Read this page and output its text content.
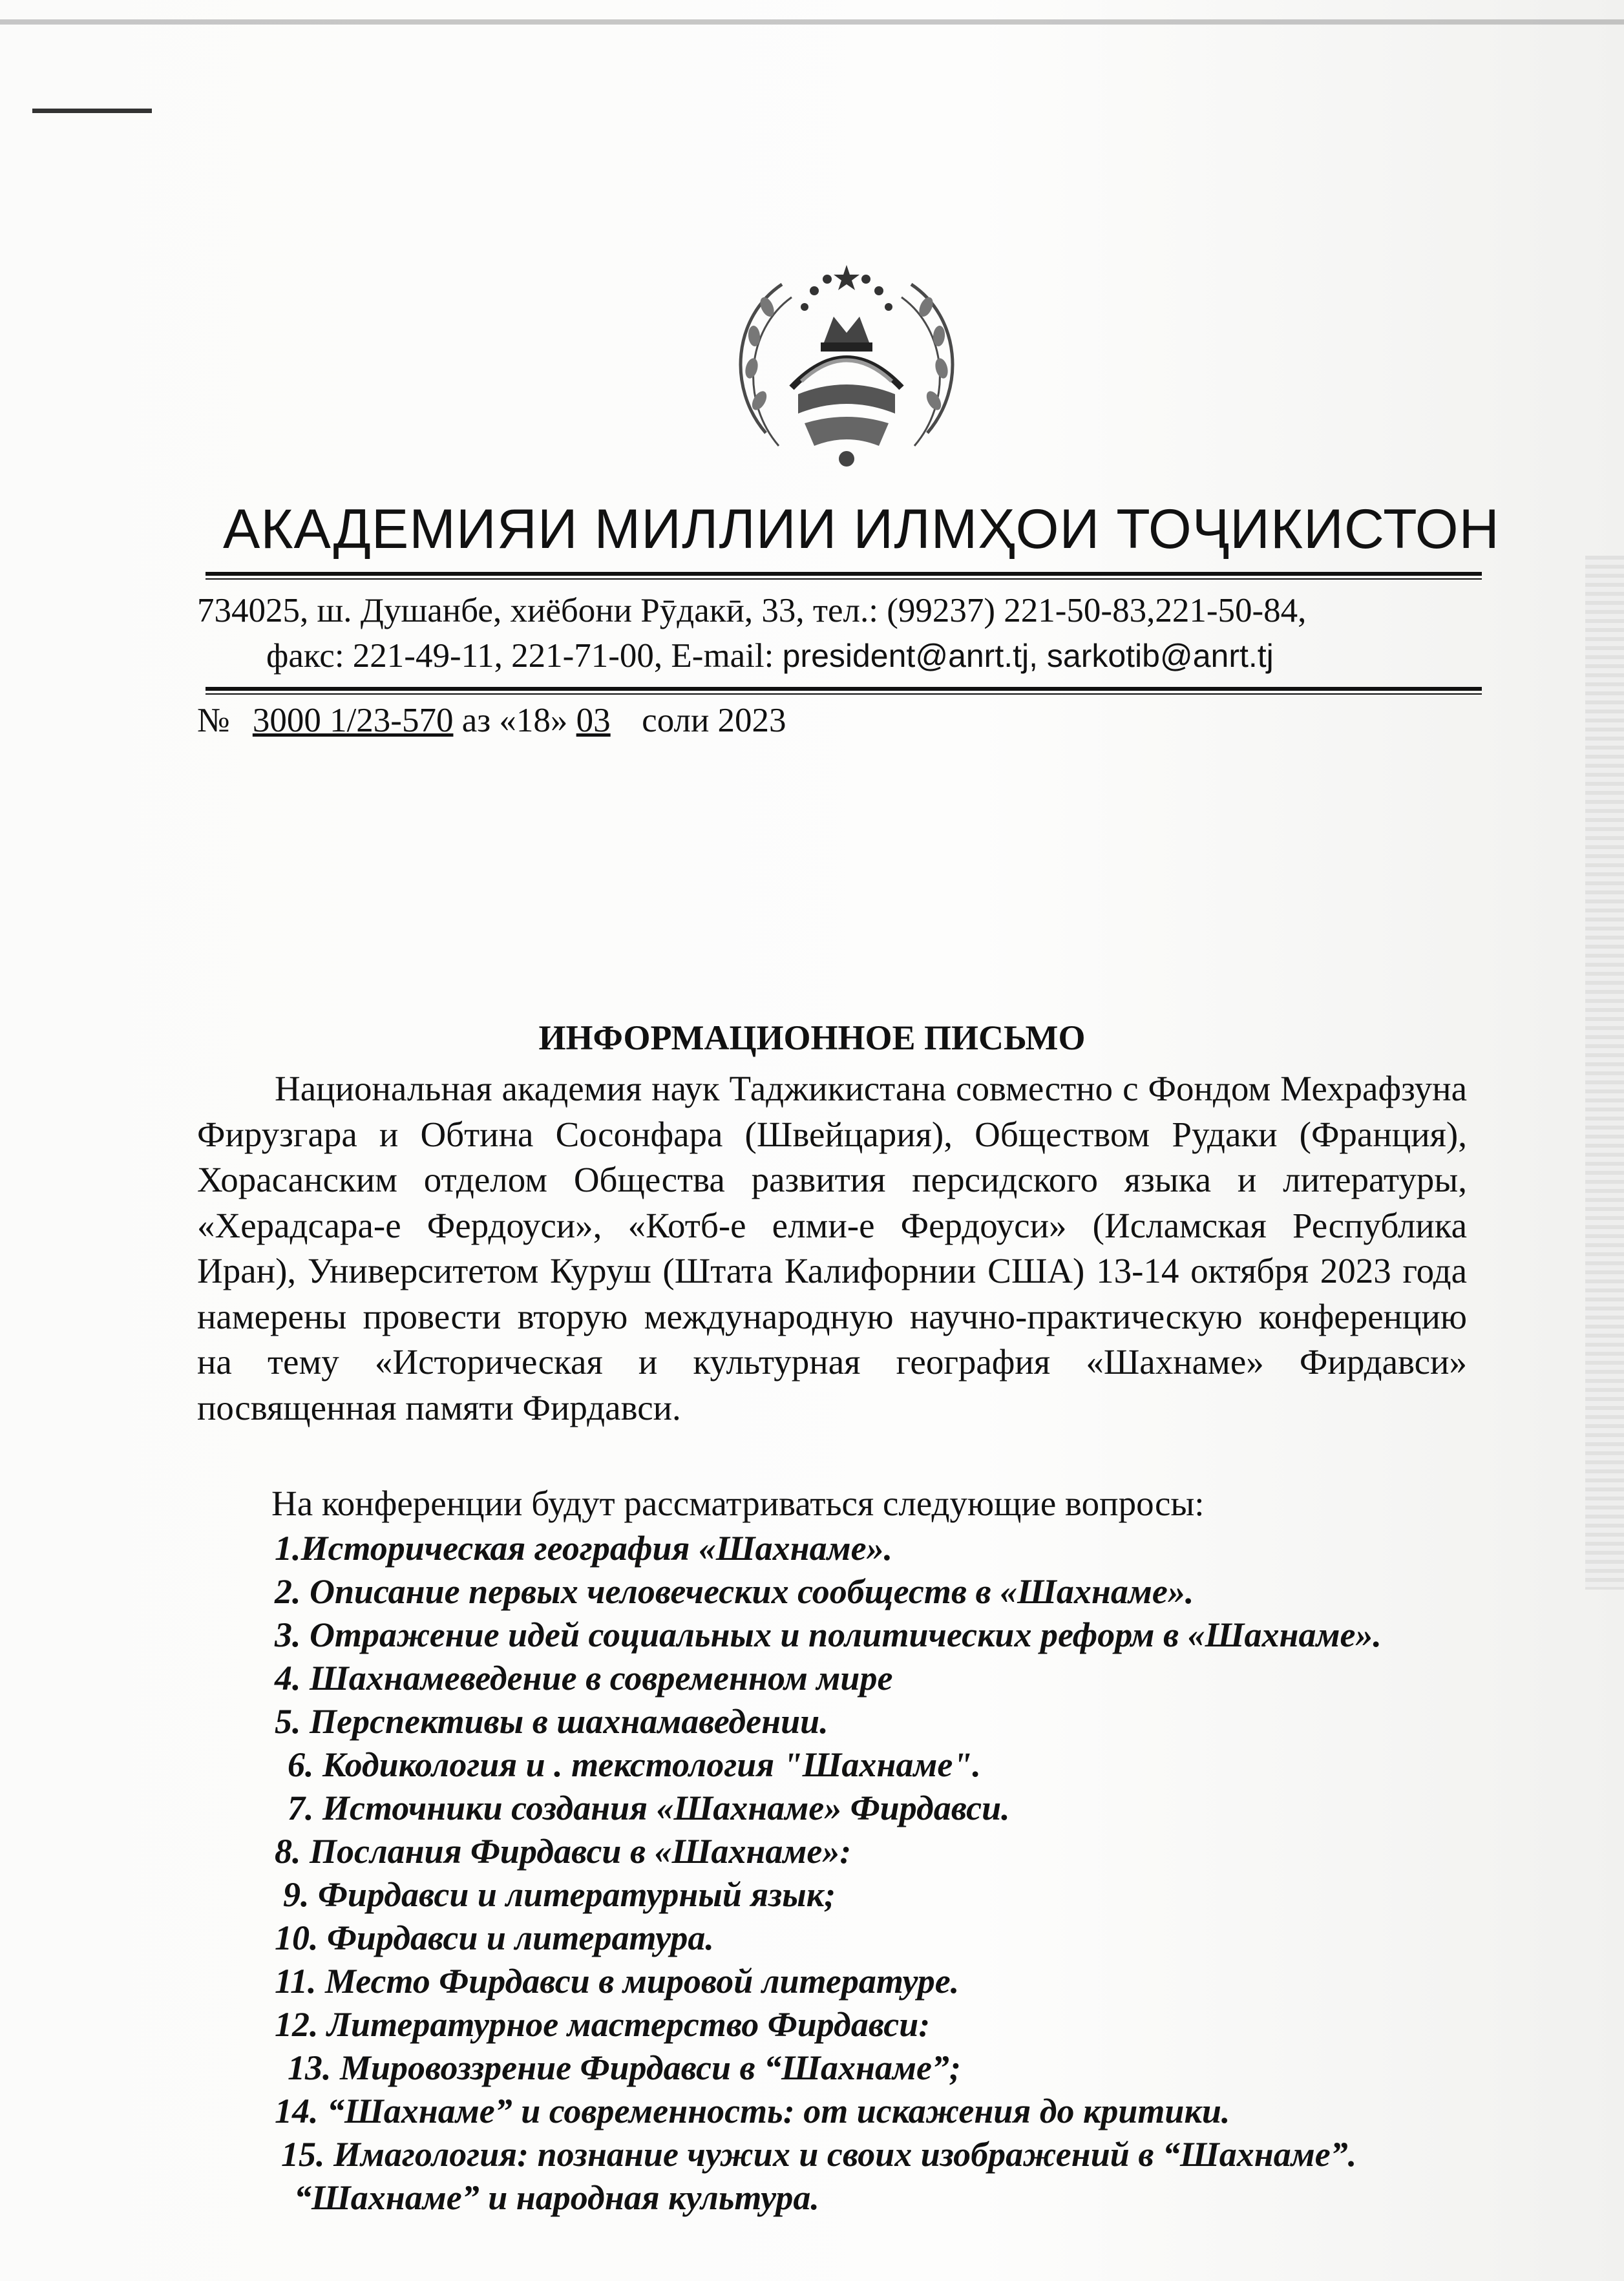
АКАДЕМИЯИ МИЛЛИИ ИЛМҲОИ ТОҶИКИСТОН
734025, ш. Душанбе, хиёбони Рӯдакӣ, 33, тел.: (99237) 221-50-83,221-50-84,
факс: 221-49-11, 221-71-00, E-mail: president@anrt.tj, sarkotib@anrt.tj
№ 3000 1/23-570 аз «18» 03 соли 2023
ИНФОРМАЦИОННОЕ ПИСЬМО
Национальная академия наук Таджикистана совместно с Фондом Мехрафзуна Фирузгара и Обтина Сосонфара (Швейцария), Обществом Рудаки (Франция), Хорасанским отделом Общества развития персидского языка и литературы, «Херадсара-е Фердоуси», «Котб-е елми-е Фердоуси» (Исламская Республика Иран), Университетом Куруш (Штата Калифорнии США) 13-14 октября 2023 года намерены провести вторую международную научно-практическую конференцию на тему «Историческая и культурная география «Шахнаме» Фирдавси» посвященная памяти Фирдавси.
На конференции будут рассматриваться следующие вопросы:
1.Историческая география «Шахнаме».
2. Описание первых человеческих сообществ в «Шахнаме».
3. Отражение идей социальных и политических реформ в «Шахнаме».
4. Шахнамеведение в современном мире
5. Перспективы в шахнамаведении.
6. Кодикология и . текстология "Шахнаме".
7. Источники создания «Шахнаме» Фирдавси.
8. Послания Фирдавси в «Шахнаме»:
9. Фирдавси и литературный язык;
10. Фирдавси и литература.
11. Место Фирдавси в мировой литературе.
12. Литературное мастерство Фирдавси:
13. Мировоззрение Фирдавси в “Шахнаме”;
14. “Шахнаме” и современность: от искажения до критики.
15. Имагология: познание чужих и своих изображений в “Шахнаме”.
“Шахнаме” и народная культура.
